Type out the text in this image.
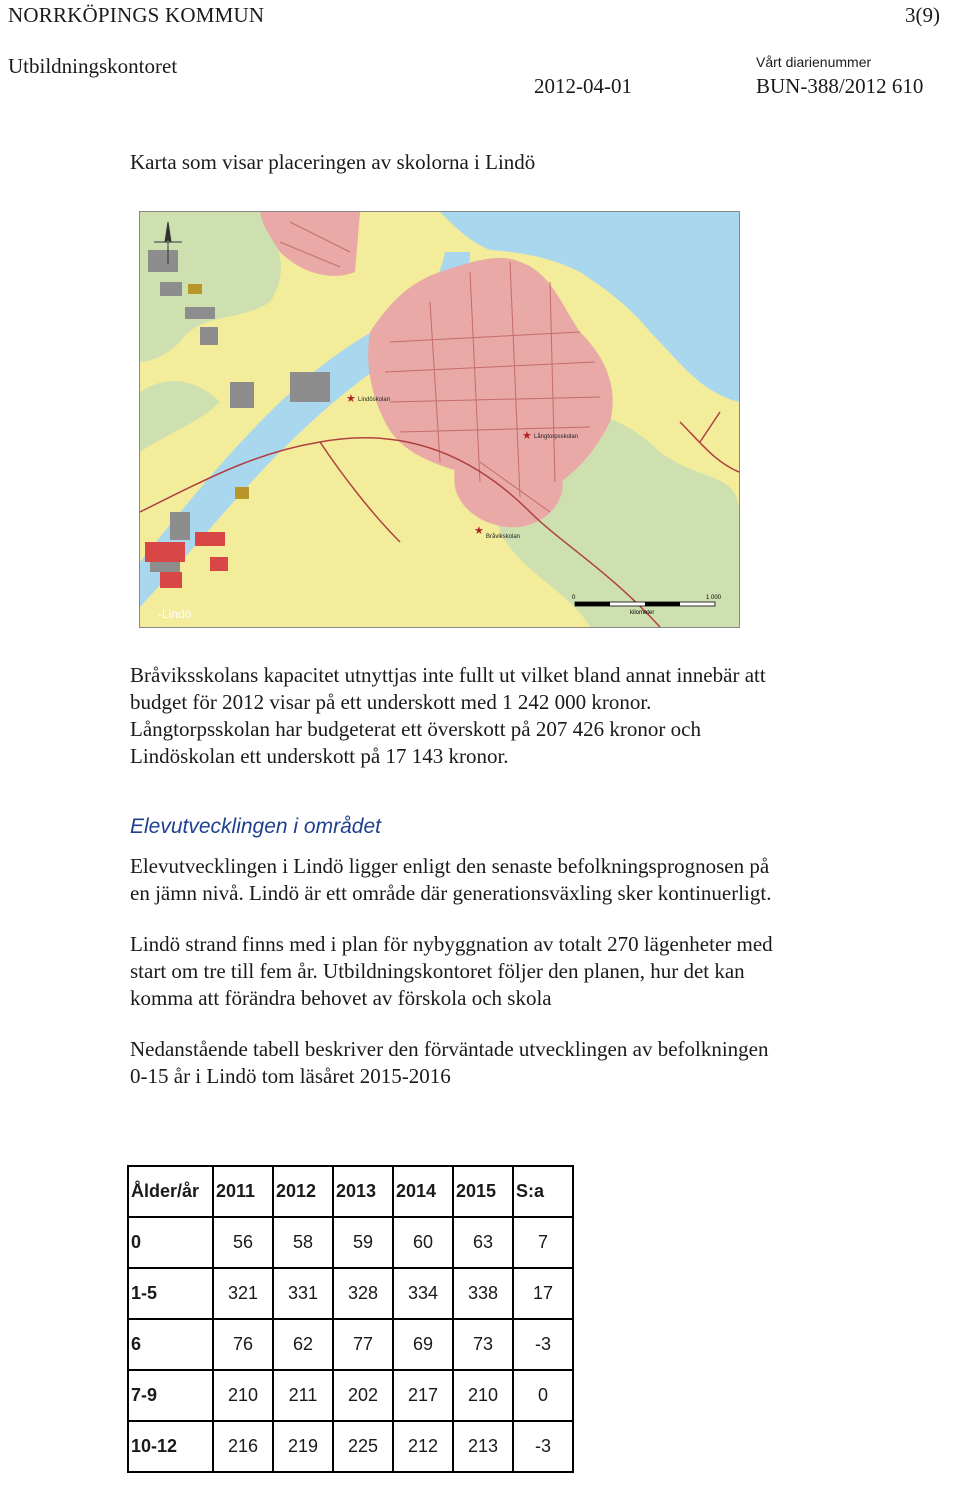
NORRKÖPINGS KOMMUN	3(9)
Utbildningskontoret	Vårt diarienummer
2012-04-01	BUN-388/2012 610
Karta som visar placeringen av skolorna i Lindö
★
★
★
Lindöskolan
Långtorpsskolan
Bråvikskolan
-Lindö
0	1 000
kilometer
Bråviksskolans kapacitet utnyttjas inte fullt ut vilket bland annat innebär att
budget för 2012 visar på ett underskott med 1 242 000 kronor.
Långtorpsskolan har budgeterat ett överskott på 207 426 kronor och
Lindöskolan ett underskott på 17 143 kronor.
Elevutvecklingen i området
Elevutvecklingen i Lindö ligger enligt den senaste befolkningsprognosen på
en jämn nivå. Lindö är ett område där generationsväxling sker kontinuerligt.
Lindö strand finns med i plan för nybyggnation av totalt 270 lägenheter med
start om tre till fem år. Utbildningskontoret följer den planen, hur det kan
komma att förändra behovet av förskola och skola
Nedanstående tabell beskriver den förväntade utvecklingen av befolkningen
0-15 år i Lindö tom läsåret 2015-2016
Ålder/år	2011	2012	2013	2014	2015	S:a
0	56	58	59	60	63	7
1-5	321	331	328	334	338	17
6	76	62	77	69	73	-3
7-9	210	211	202	217	210	0
10-12	216	219	225	212	213	-3
